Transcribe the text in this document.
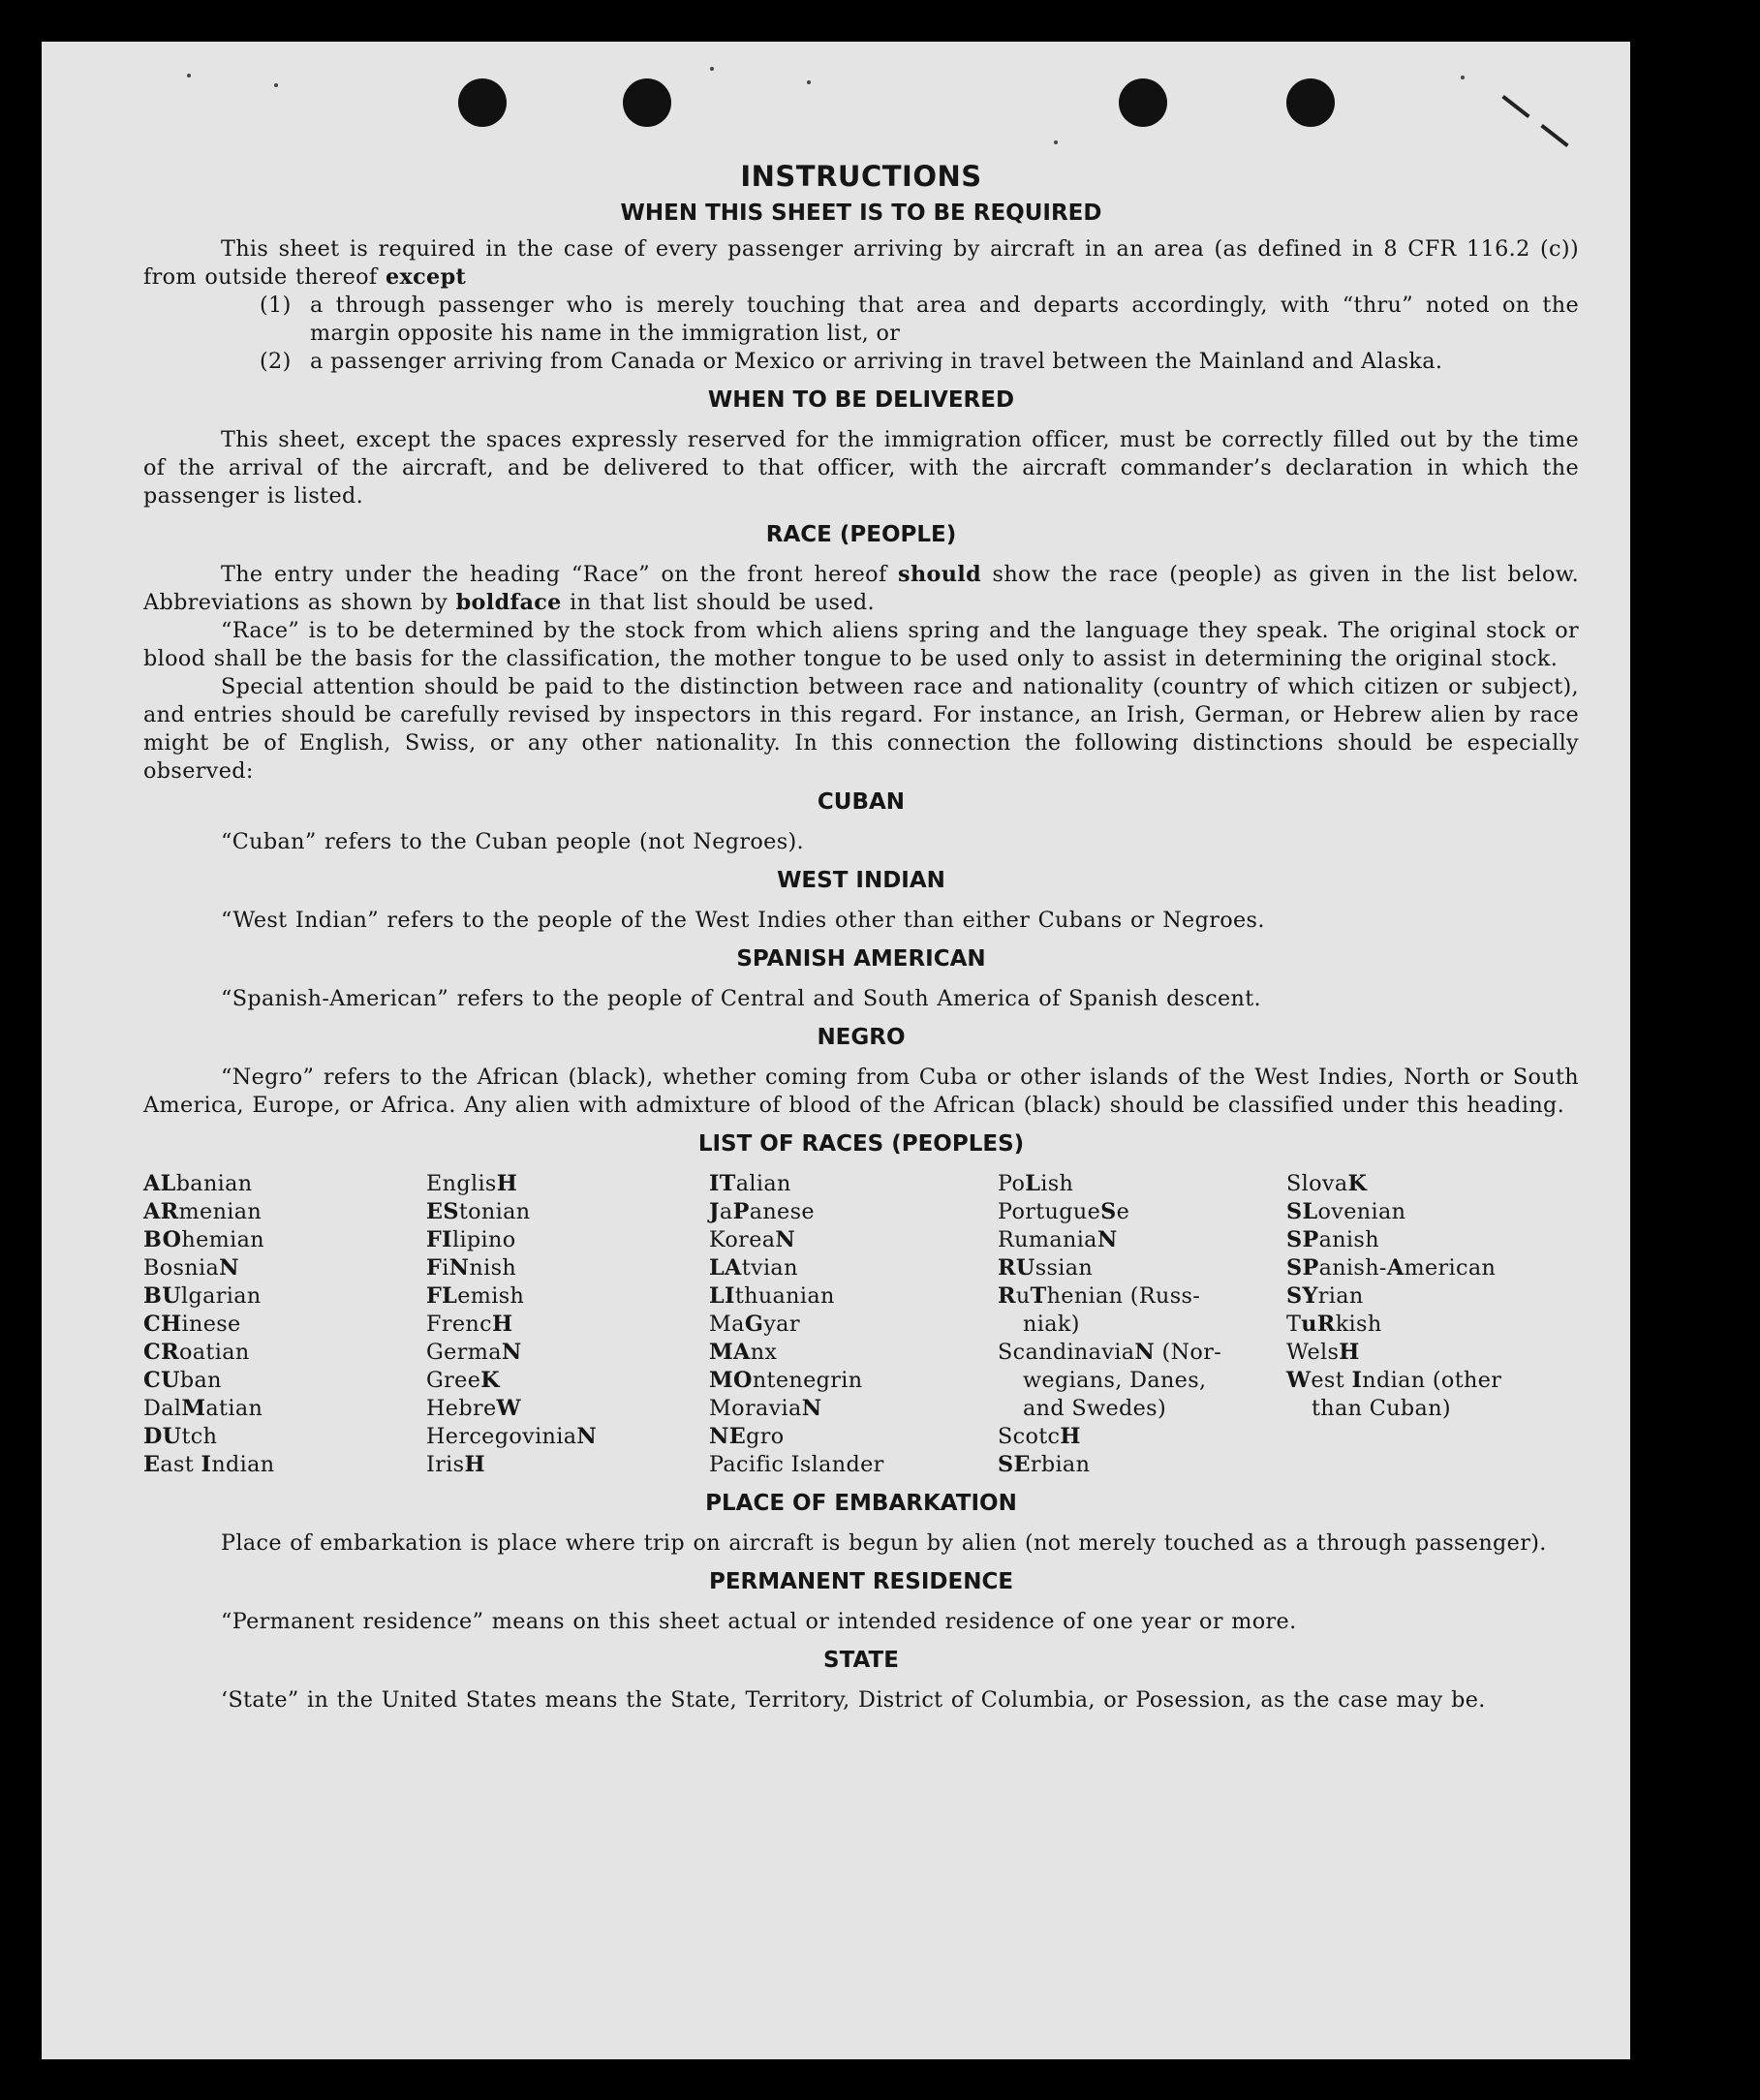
INSTRUCTIONS
WHEN THIS SHEET IS TO BE REQUIRED

This sheet is required in the case of every passenger arriving by aircraft in an area (as defined in 8 CFR 116.2 (c)) from outside thereof except

(1) a through passenger who is merely touching that area and departs accordingly, with “thru” noted on the margin opposite his name in the immigration list, or
(2) a passenger arriving from Canada or Mexico or arriving in travel between the Mainland and Alaska.
WHEN TO BE DELIVERED

This sheet, except the spaces expressly reserved for the immigration officer, must be correctly filled out by the time of the arrival of the aircraft, and be delivered to that officer, with the aircraft commander’s declaration in which the passenger is listed.

RACE (PEOPLE)

The entry under the heading “Race” on the front hereof should show the race (people) as given in the list below. Abbreviations as shown by boldface in that list should be used.

“Race” is to be determined by the stock from which aliens spring and the language they speak. The original stock or blood shall be the basis for the classification, the mother tongue to be used only to assist in determining the original stock.

Special attention should be paid to the distinction between race and nationality (country of which citizen or subject), and entries should be carefully revised by inspectors in this regard. For instance, an Irish, German, or Hebrew alien by race might be of English, Swiss, or any other nationality. In this connection the following distinctions should be especially observed:

CUBAN

“Cuban” refers to the Cuban people (not Negroes).

WEST INDIAN

“West Indian” refers to the people of the West Indies other than either Cubans or Negroes.

SPANISH AMERICAN

“Spanish-American” refers to the people of Central and South America of Spanish descent.

NEGRO

“Negro” refers to the African (black), whether coming from Cuba or other islands of the West Indies, North or South America, Europe, or Africa. Any alien with admixture of blood of the African (black) should be classified under this heading.

LIST OF RACES (PEOPLES)
ALbanian
ARmenian
BOhemian
BosniaN
BUlgarian
CHinese
CRoatian
CUban
DalMatian
DUtch
East Indian
EnglisH
EStonian
FIlipino
FiNnish
FLemish
FrencH
GermaN
GreeK
HebreW
HercegoviniaN
IrisH
ITalian
JaPanese
KoreaN
LAtvian
LIthuanian
MaGyar
MAnx
MOntenegrin
MoraviaN
NEgro
Pacific Islander
PoLish
PortugueSe
RumaniaN
RUssian
RuThenian (Russ-
niak)
ScandinaviaN (Nor-
wegians, Danes,
and Swedes)
ScotcH
SErbian
SlovaK
SLovenian
SPanish
SPanish-American
SYrian
TuRkish
WelsH
West Indian (other
than Cuban)
PLACE OF EMBARKATION

Place of embarkation is place where trip on aircraft is begun by alien (not merely touched as a through passenger).

PERMANENT RESIDENCE

“Permanent residence” means on this sheet actual or intended residence of one year or more.

STATE

‘State” in the United States means the State, Territory, District of Columbia, or Posession, as the case may be.
